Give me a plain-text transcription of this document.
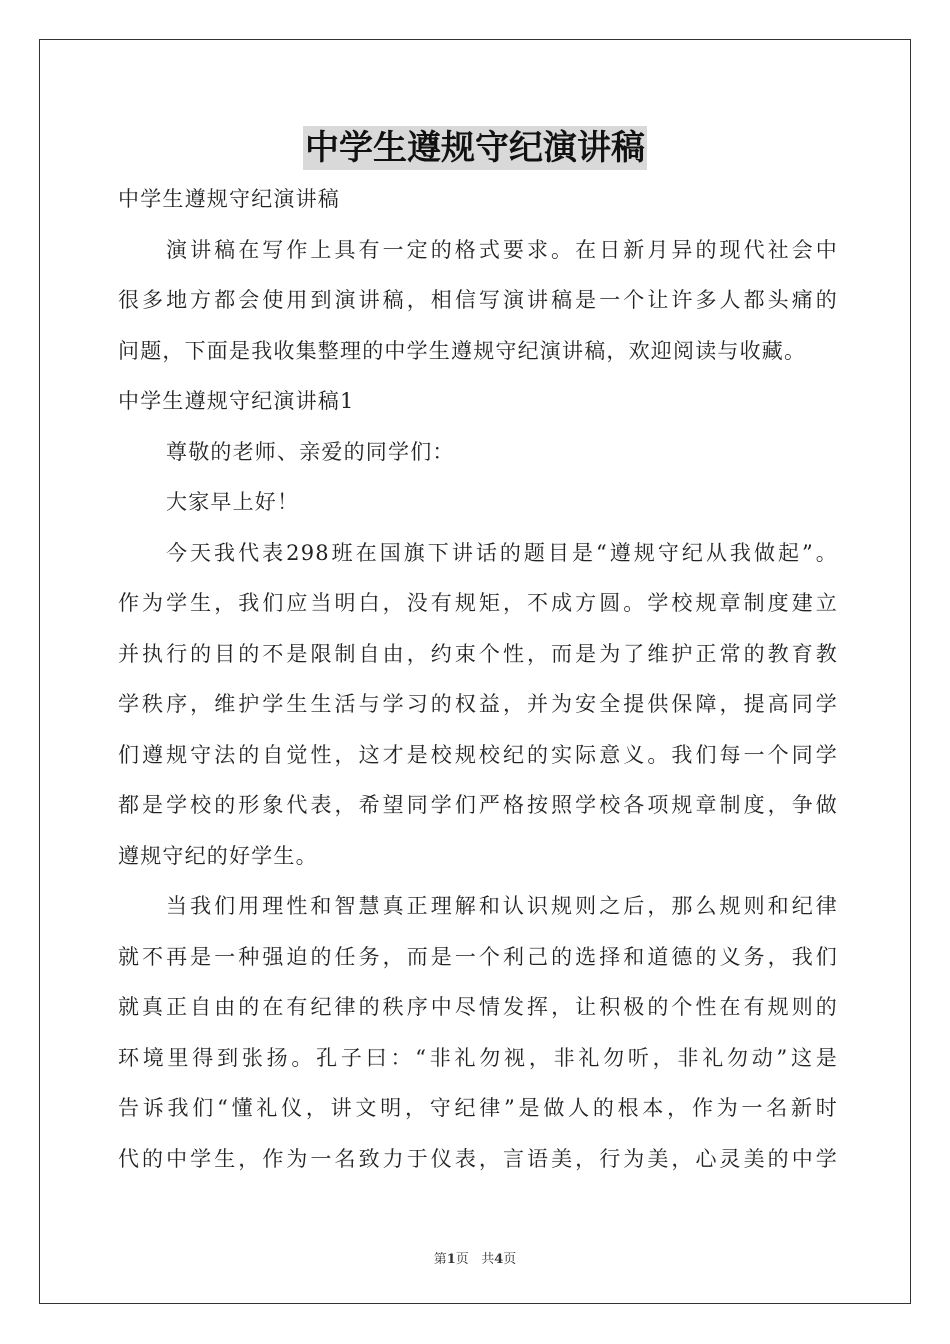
中学生遵规守纪演讲稿
中学生遵规守纪演讲稿
演讲稿在写作上具有一定的格式要求。在日新月异的现代社会中
很多地方都会使用到演讲稿，相信写演讲稿是一个让许多人都头痛的
问题，下面是我收集整理的中学生遵规守纪演讲稿，欢迎阅读与收藏。
中学生遵规守纪演讲稿1
尊敬的老师、亲爱的同学们：
大家早上好！
今天我代表298班在国旗下讲话的题目是“遵规守纪从我做起”。
作为学生，我们应当明白，没有规矩，不成方圆。学校规章制度建立
并执行的目的不是限制自由，约束个性，而是为了维护正常的教育教
学秩序，维护学生生活与学习的权益，并为安全提供保障，提高同学
们遵规守法的自觉性，这才是校规校纪的实际意义。我们每一个同学
都是学校的形象代表，希望同学们严格按照学校各项规章制度，争做
遵规守纪的好学生。
当我们用理性和智慧真正理解和认识规则之后，那么规则和纪律
就不再是一种强迫的任务，而是一个利己的选择和道德的义务，我们
就真正自由的在有纪律的秩序中尽情发挥，让积极的个性在有规则的
环境里得到张扬。孔子曰：“非礼勿视，非礼勿听，非礼勿动”这是
告诉我们“懂礼仪，讲文明，守纪律”是做人的根本，作为一名新时
代的中学生，作为一名致力于仪表，言语美，行为美，心灵美的中学
第1页 共4页
